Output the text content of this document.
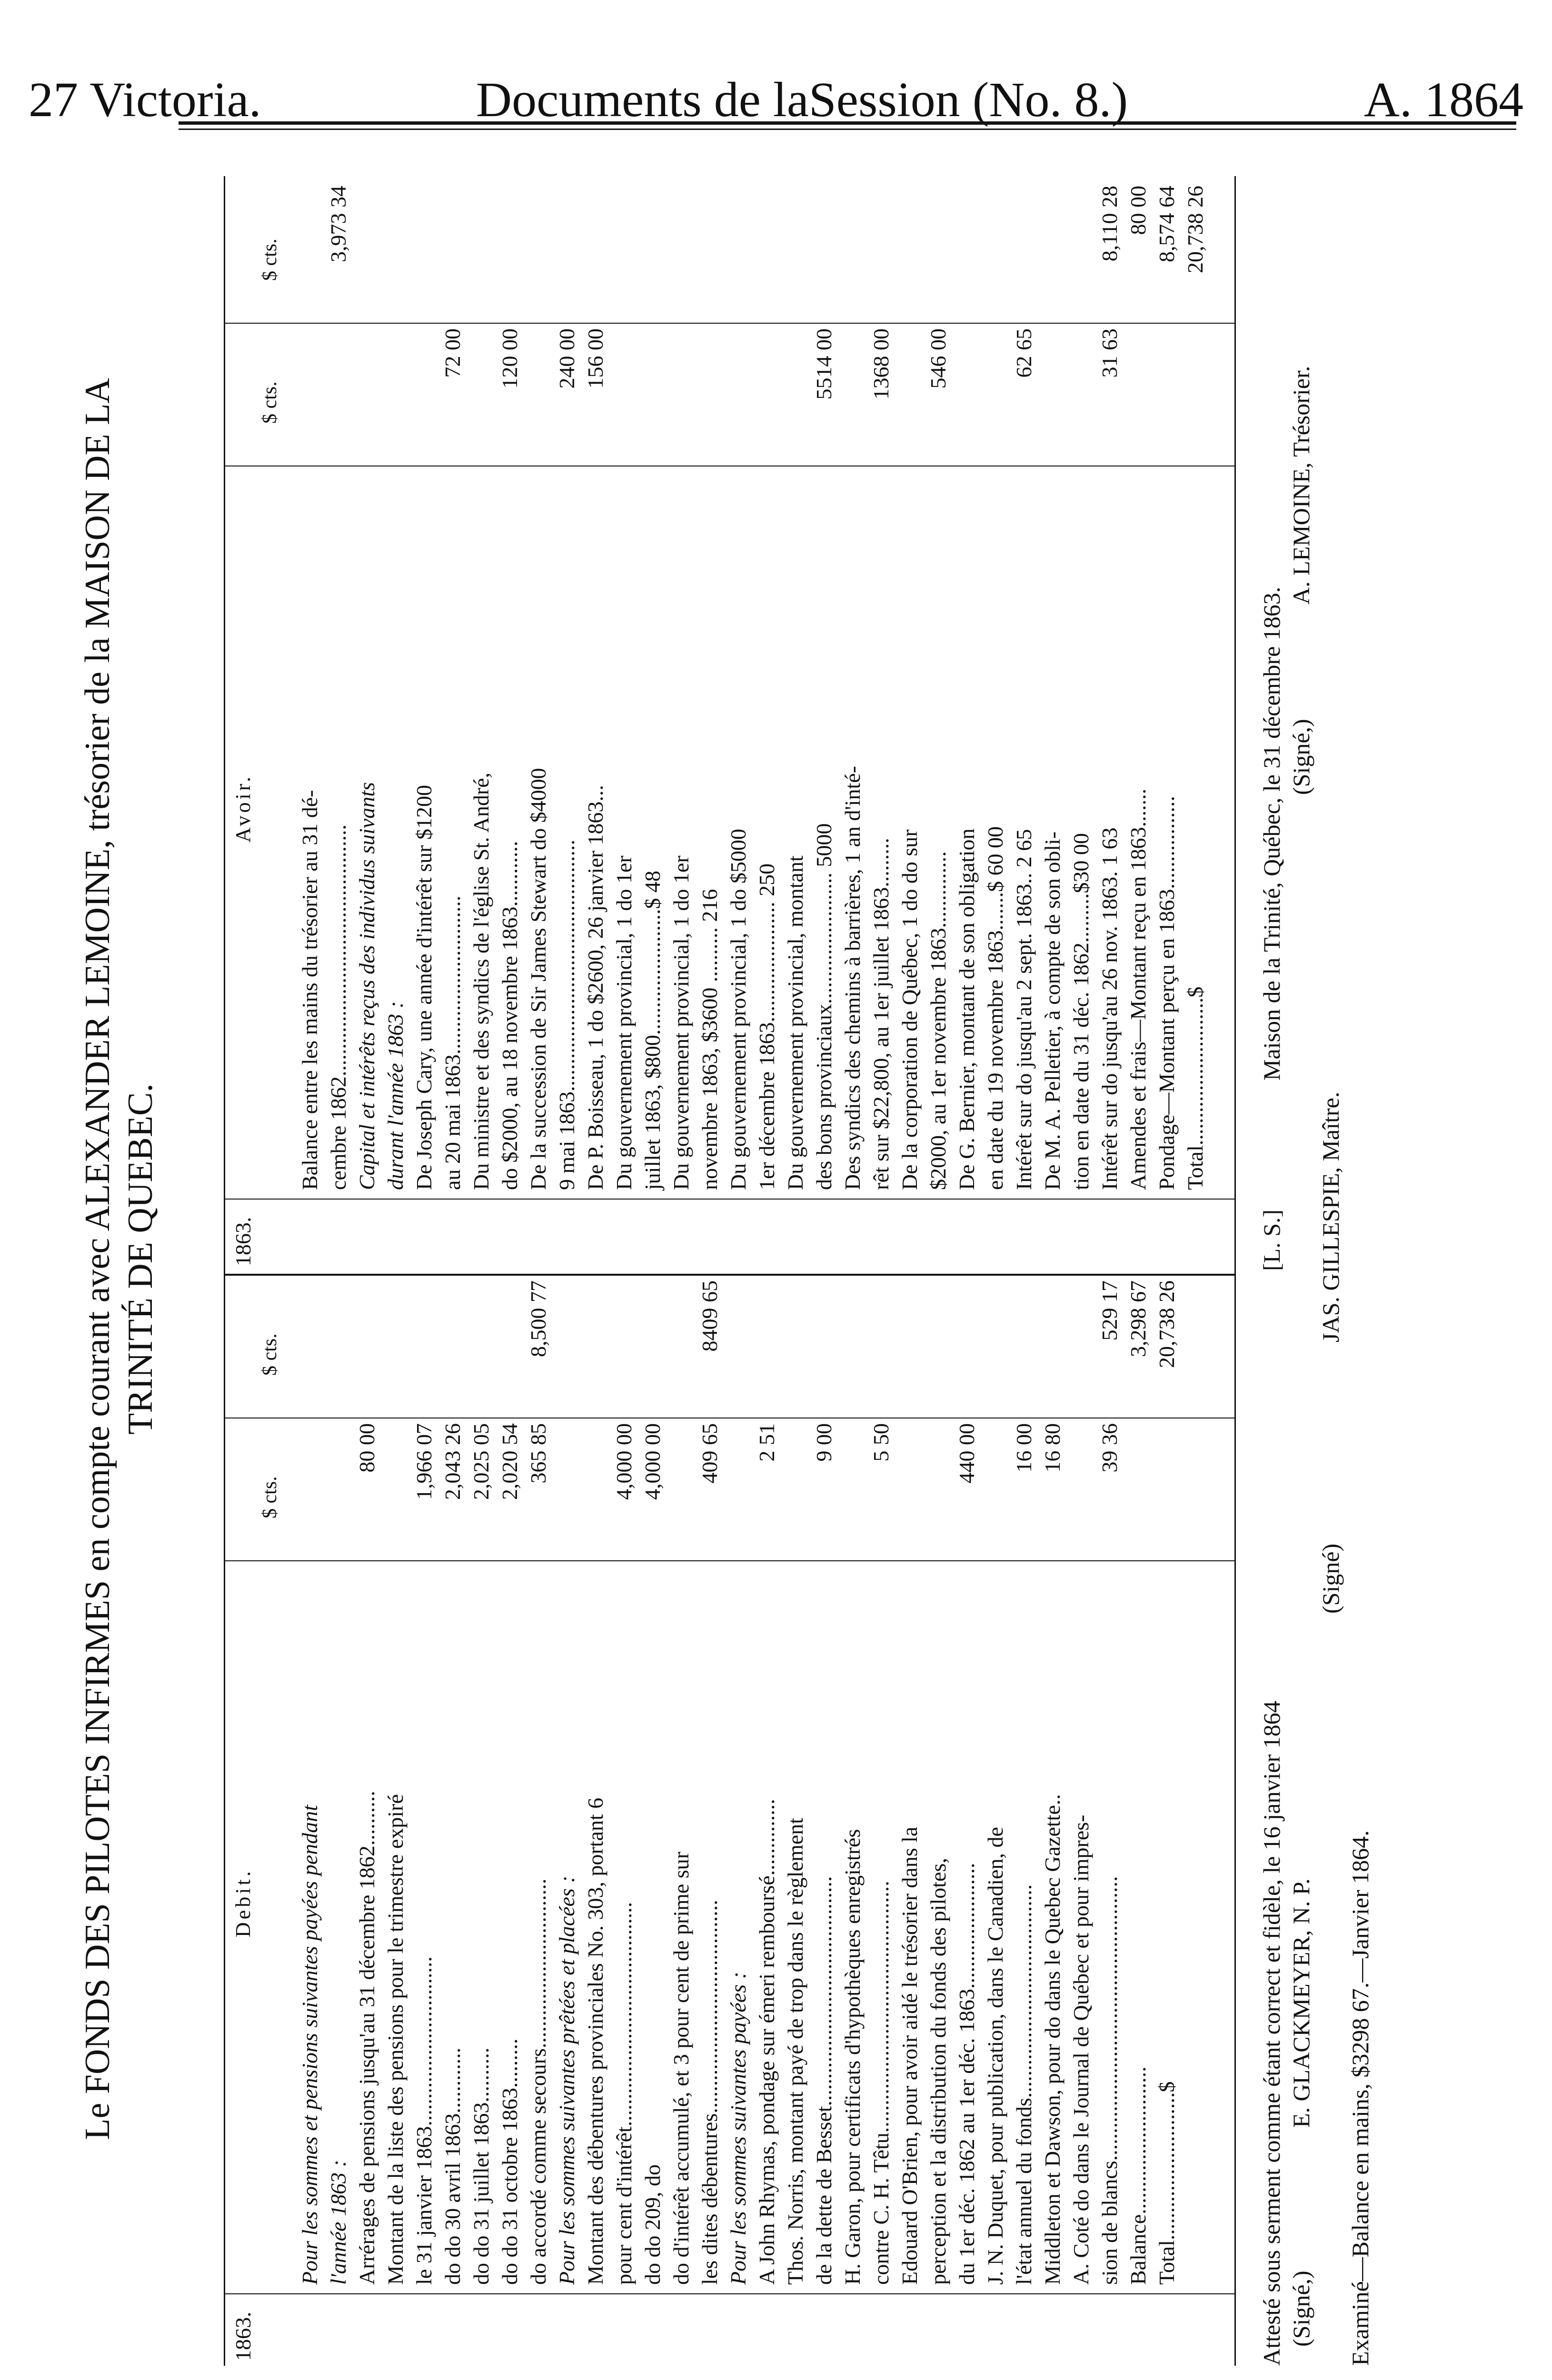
27 Victoria.	Documents de laSession (No. 8.)	A. 1864
Le FONDS DES PILOTES INFIRMES en compte courant avec ALEXANDER LEMOINE, trésorier de la MAISON DE LA TRINITÉ DE QUEBEC.
1863.
Debit.
$ cts.
$ cts.
Pour les sommes et pensions suivantes payées pendant l'année 1863 : Arrérages de pensions jusqu'au 31 décembre 1862..........
80 00
Montant de la liste des pensions pour le trimestre expiré le 31 janvier 1863...............................
1,966 07
do do 30 avril 1863............
2,043 26
do do 31 juillet 1863..........
2,025 05
do do 31 octobre 1863.........
2,020 54
do accordé comme secours...............................
365 85
8,500 77
Pour les sommes suivantes prêtées et placées : Montant des débentures provinciales No. 303, portant 6 pour cent d'intérêt.........................................
4,000 00
do do 209, do
4,000 00
do d'intérêt accumulé, et 3 pour cent de prime sur les dites débentures.......................................
409 65
8409 65
Pour les sommes suivantes payées : A John Rhymas, pondage sur émeri remboursé..............
2 51
Thos. Norris, montant payé de trop dans le règlement de la dette de Besset..........................................
9 00
H. Garon, pour certificats d'hypothèques enregistrés contre C. H. Têtu..............................................
5 50
Edouard O'Brien, pour avoir aidé le trésorier dans la perception et la distribution du fonds des pilotes, du 1er déc. 1862 au 1er déc. 1863.......................
440 00
J. N. Duquet, pour publication, dans le Canadien, de l'état annuel du fonds.......................................
16 00
Middleton et Dawson, pour do dans le Quebec Gazette..
16 80
A. Coté do dans le Journal de Québec et pour impres- sion de blancs....................................................
39 36
529 17
Balance...........................
3,298 67
Total...........................$
20,738 26
1863.
Avoir.
$ cts.
$ cts.
Balance entre les mains du trésorier au 31 dé- cembre 1862..............................................
3,973 34
Capital et intérêts reçus des individus suivants durant l'année 1863 : De Joseph Cary, une année d'intérêt sur $1200 au 20 mai 1863.............................
72 00
Du ministre et des syndics de l'église St. André, do $2000, au 18 novembre 1863............
120 00
De la succession de Sir James Stewart do $4000 9 mai 1863..............................................
240 00
De P. Boisseau, 1 do $2600, 26 janvier 1863...
156 00
Du gouvernement provincial, 1 do 1er juillet 1863, $800.......................$ 48 Du gouvernement provincial, 1 do 1er novembre 1863, $3600 .......... 216 Du gouvernement provincial, 1 do $5000 1er décembre 1863...................... 250 Du gouvernement provincial, montant des bons provinciaux........................ 5000
5514 00
Des syndics des chemins à barrières, 1 an d'inté- rêt sur $22,800, au 1er juillet 1863.........
1368 00
De la corporation de Québec, 1 do do sur $2000, au 1er novembre 1863..............
546 00
De G. Bernier, montant de son obligation en date du 19 novembre 1863.......$ 60 00 Intérêt sur do jusqu'au 2 sept. 1863.. 2 65
62 65
De M. A. Pelletier, à compte de son obli- tion en date du 31 déc. 1862.........$30 00 Intérêt sur do jusqu'au 26 nov. 1863. 1 63
31 63
8,110 28
Amendes et frais—Montant reçu en 1863.......
80 00
Pondage—Montant perçu en 1863.................
8,574 64
Total...........................$
20,738 26
Attesté sous serment comme étant correct et fidèle, le 16 janvier 1864
[L. S.]
Maison de la Trinité, Québec, le 31 décembre 1863.
(Signé,)
E. GLACKMEYER, N. P.
(Signé)
JAS. GILLESPIE, Maître.
(Signé,)
A. LEMOINE, Trésorier.
Examiné—Balance en mains, $3298 67.—Janvier 1864.
